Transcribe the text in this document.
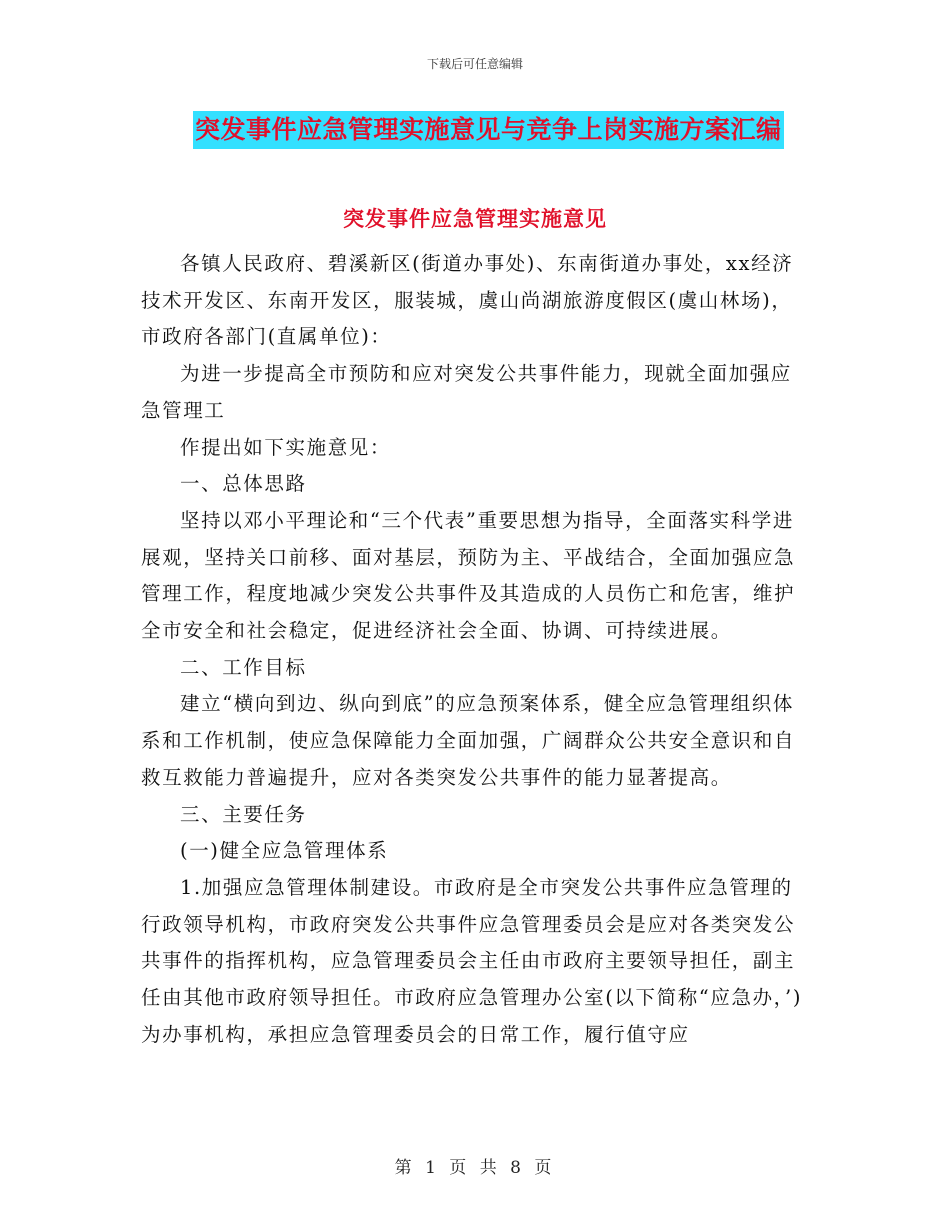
下载后可任意编辑
突发事件应急管理实施意见与竞争上岗实施方案汇编
突发事件应急管理实施意见

各镇人民政府、碧溪新区(街道办事处)、东南街道办事处，xx经济技术开发区、东南开发区，服装城，虞山尚湖旅游度假区(虞山林场)，市政府各部门(直属单位)：

为进一步提高全市预防和应对突发公共事件能力，现就全面加强应急管理工

作提出如下实施意见：

一、总体思路

坚持以邓小平理论和“三个代表”重要思想为指导，全面落实科学进展观，坚持关口前移、面对基层，预防为主、平战结合，全面加强应急管理工作，程度地减少突发公共事件及其造成的人员伤亡和危害，维护全市安全和社会稳定，促进经济社会全面、协调、可持续进展。

二、工作目标

建立“横向到边、纵向到底”的应急预案体系，健全应急管理组织体系和工作机制，使应急保障能力全面加强，广阔群众公共安全意识和自救互救能力普遍提升，应对各类突发公共事件的能力显著提高。

三、主要任务

(一)健全应急管理体系

1.加强应急管理体制建设。市政府是全市突发公共事件应急管理的行政领导机构，市政府突发公共事件应急管理委员会是应对各类突发公共事件的指挥机构，应急管理委员会主任由市政府主要领导担任，副主任由其他市政府领导担任。市政府应急管理办公室(以下简称“应急办，’)为办事机构，承担应急管理委员会的日常工作，履行值守应

第 1 页 共 8 页
